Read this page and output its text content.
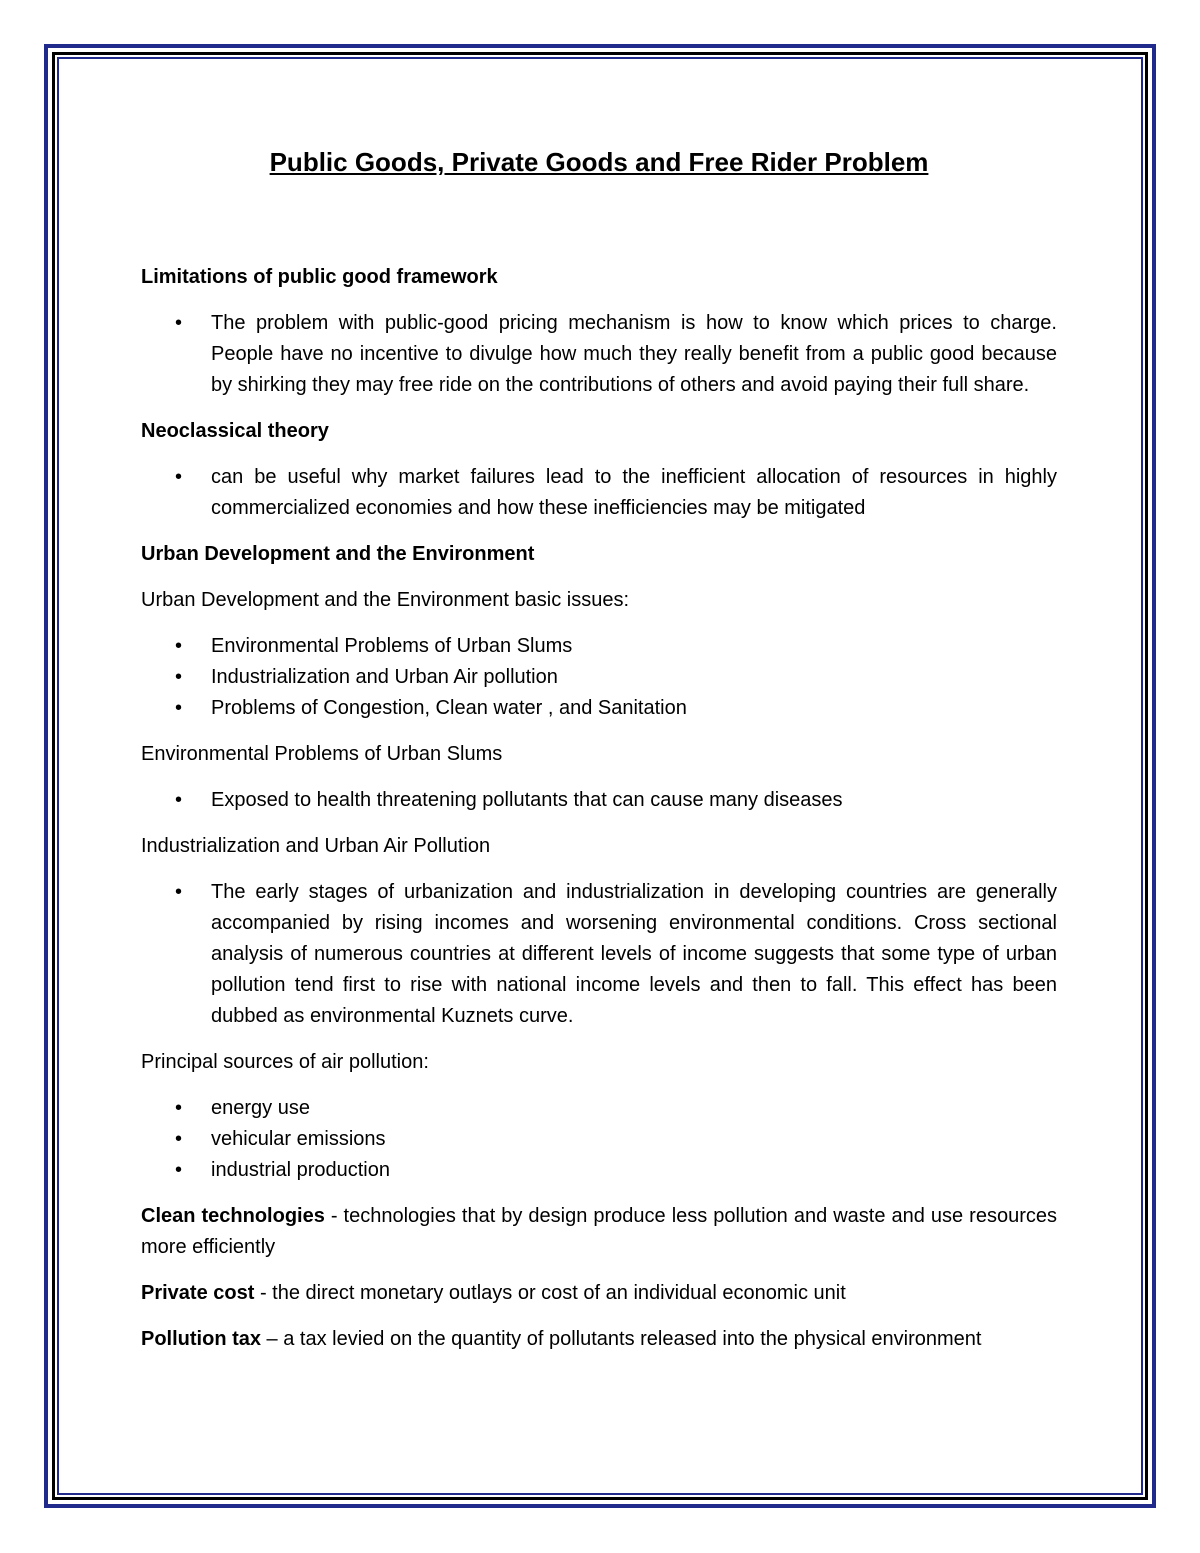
Public Goods, Private Goods and Free Rider Problem

Limitations of public good framework

• The problem with public-good pricing mechanism is how to know which prices to charge. People have no incentive to divulge how much they really benefit from a public good because by shirking they may free ride on the contributions of others and avoid paying their full share.

Neoclassical theory

• can be useful why market failures lead to the inefficient allocation of resources in highly commercialized economies and how these inefficiencies may be mitigated

Urban Development and the Environment

Urban Development and the Environment basic issues:

• Environmental Problems of Urban Slums
• Industrialization and Urban Air pollution
• Problems of Congestion, Clean water , and Sanitation

Environmental Problems of Urban Slums

• Exposed to health threatening pollutants that can cause many diseases

Industrialization and Urban Air Pollution

• The early stages of urbanization and industrialization in developing countries are generally accompanied by rising incomes and worsening environmental conditions. Cross sectional analysis of numerous countries at different levels of income suggests that some type of urban pollution tend first to rise with national income levels and then to fall. This effect has been dubbed as environmental Kuznets curve.

Principal sources of air pollution:

• energy use
• vehicular emissions
• industrial production

Clean technologies - technologies that by design produce less pollution and waste and use resources more efficiently

Private cost - the direct monetary outlays or cost of an individual economic unit

Pollution tax – a tax levied on the quantity of pollutants released into the physical environment
